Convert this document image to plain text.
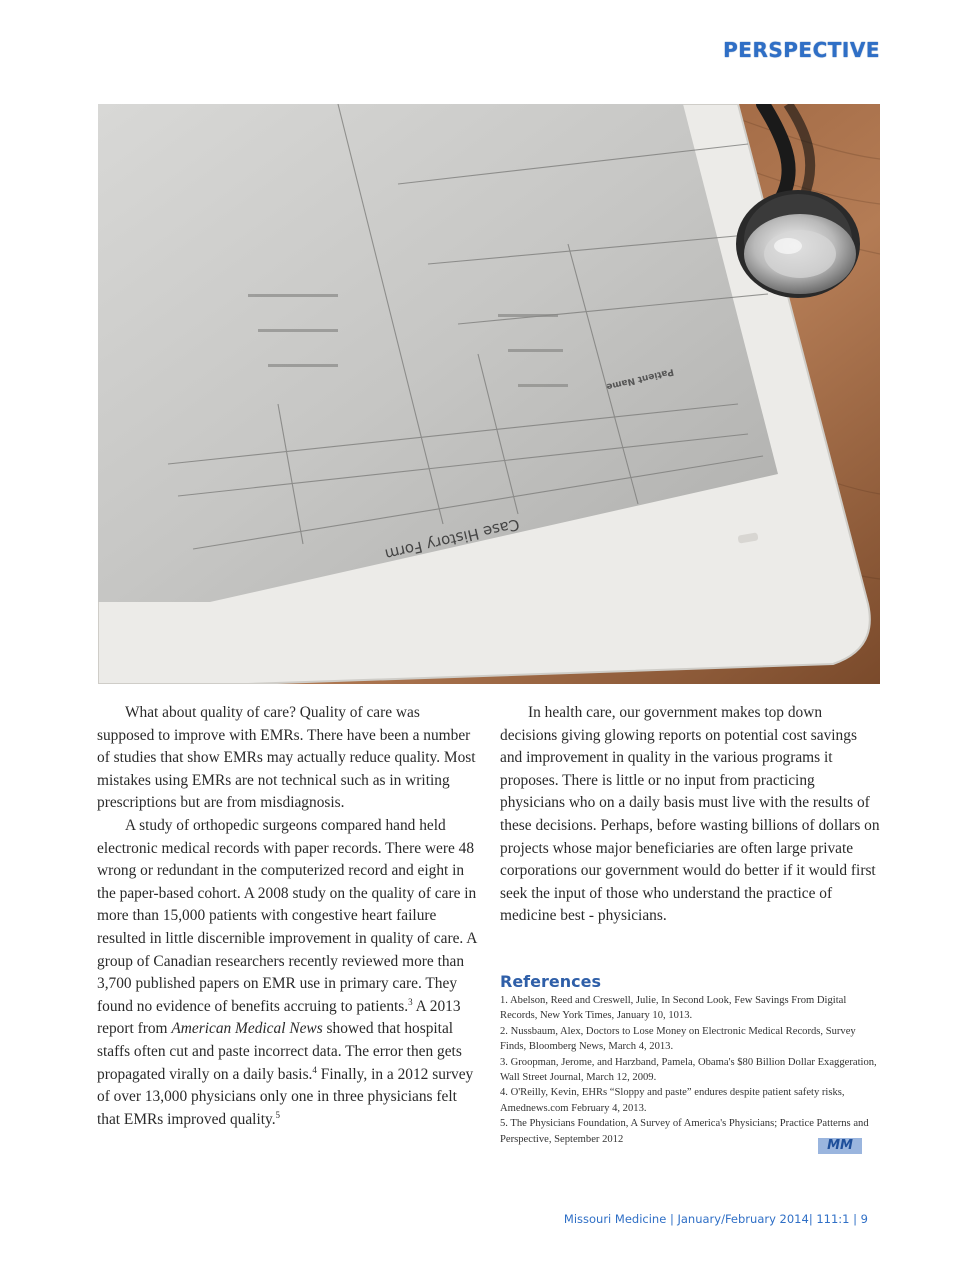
PERSPECTIVE
Case History Form
Patient Name

What about quality of care? Quality of care was supposed to improve with EMRs. There have been a number of studies that show EMRs may actually reduce quality. Most mistakes using EMRs are not technical such as in writing prescriptions but are from misdiagnosis.

A study of orthopedic surgeons compared hand held electronic medical records with paper records. There were 48 wrong or redundant in the computerized record and eight in the paper-based cohort. A 2008 study on the quality of care in more than 15,000 patients with congestive heart failure resulted in little discernible improvement in quality of care. A group of Canadian researchers recently reviewed more than 3,700 published papers on EMR use in primary care. They found no evidence of benefits accruing to patients.$^3$ A 2013 report from American Medical News showed that hospital staffs often cut and paste incorrect data. The error then gets propagated virally on a daily basis.$^4$ Finally, in a 2012 survey of over 13,000 physicians only one in three physicians felt that EMRs improved quality.$^5$

In health care, our government makes top down decisions giving glowing reports on potential cost savings and improvement in quality in the various programs it proposes. There is little or no input from practicing physicians who on a daily basis must live with the results of these decisions. Perhaps, before wasting billions of dollars on projects whose major beneficiaries are often large private corporations our government would do better if it would first seek the input of those who understand the practice of medicine best - physicians.

References
1. Abelson, Reed and Creswell, Julie, In Second Look, Few Savings From Digital Records, New York Times, January 10, 1013.
2. Nussbaum, Alex, Doctors to Lose Money on Electronic Medical Records, Survey Finds, Bloomberg News, March 4, 2013.
3. Groopman, Jerome, and Harzband, Pamela, Obama's $80 Billion Dollar Exaggeration, Wall Street Journal, March 12, 2009.
4. O'Reilly, Kevin, EHRs “Sloppy and paste” endures despite patient safety risks, Amednews.com February 4, 2013.
5. The Physicians Foundation, A Survey of America's Physicians; Practice Patterns and Perspective, September 2012	MM
Missouri Medicine | January/February 2014| 111:1 | 9
